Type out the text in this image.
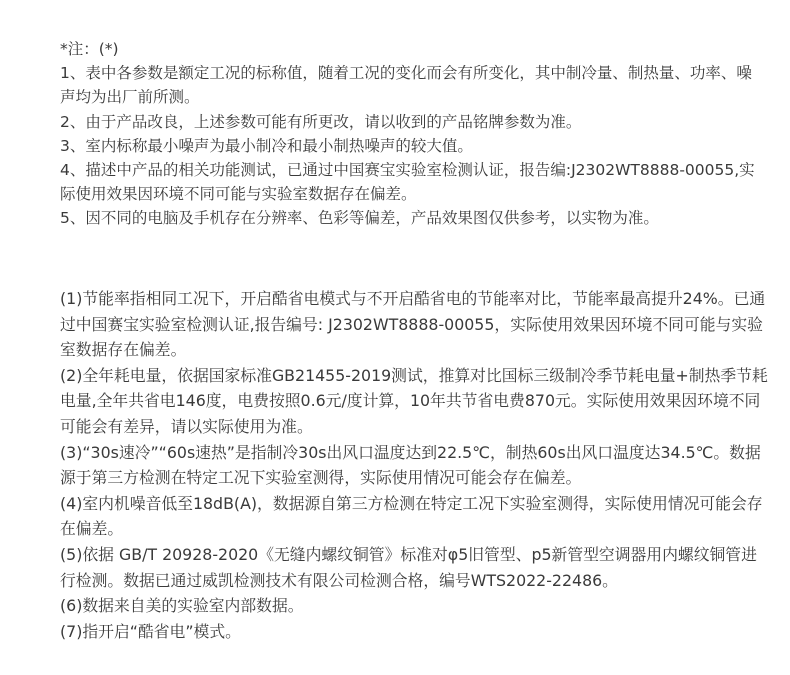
*注：(*)

1、表中各参数是额定工况的标称值，随着工况的变化而会有所变化，其中制冷量、制热量、功率、噪声均为出厂前所测。

2、由于产品改良，上述参数可能有所更改，请以收到的产品铭牌参数为准。

3、室内标称最小噪声为最小制冷和最小制热噪声的较大值。

4、描述中产品的相关功能测试，已通过中国赛宝实验室检测认证，报告编:J2302WT8888-00055,实际使用效果因环境不同可能与实验室数据存在偏差。

5、因不同的电脑及手机存在分辨率、色彩等偏差，产品效果图仅供参考，以实物为准。

(1)节能率指相同工况下，开启酷省电模式与不开启酷省电的节能率对比，节能率最高提升24%。已通过中国赛宝实验室检测认证,报告编号: J2302WT8888-00055，实际使用效果因环境不同可能与实验室数据存在偏差。

(2)全年耗电量，依据国家标准GB21455-2019测试，推算对比国标三级制冷季节耗电量+制热季节耗电量,全年共省电146度，电费按照0.6元/度计算，10年共节省电费870元。实际使用效果因环境不同可能会有差异，请以实际使用为准。

(3)“30s速冷”“60s速热”是指制冷30s出风口温度达到22.5℃，制热60s出风口温度达34.5℃。数据源于第三方检测在特定工况下实验室测得，实际使用情况可能会存在偏差。

(4)室内机噪音低至18dB(A)，数据源自第三方检测在特定工况下实验室测得，实际使用情况可能会存在偏差。

(5)依据 GB/T 20928-2020《无缝内螺纹铜管》标准对φ5旧管型、p5新管型空调器用内螺纹铜管进行检测。数据已通过威凯检测技术有限公司检测合格，编号WTS2022-22486。

(6)数据来自美的实验室内部数据。

(7)指开启“酷省电”模式。
